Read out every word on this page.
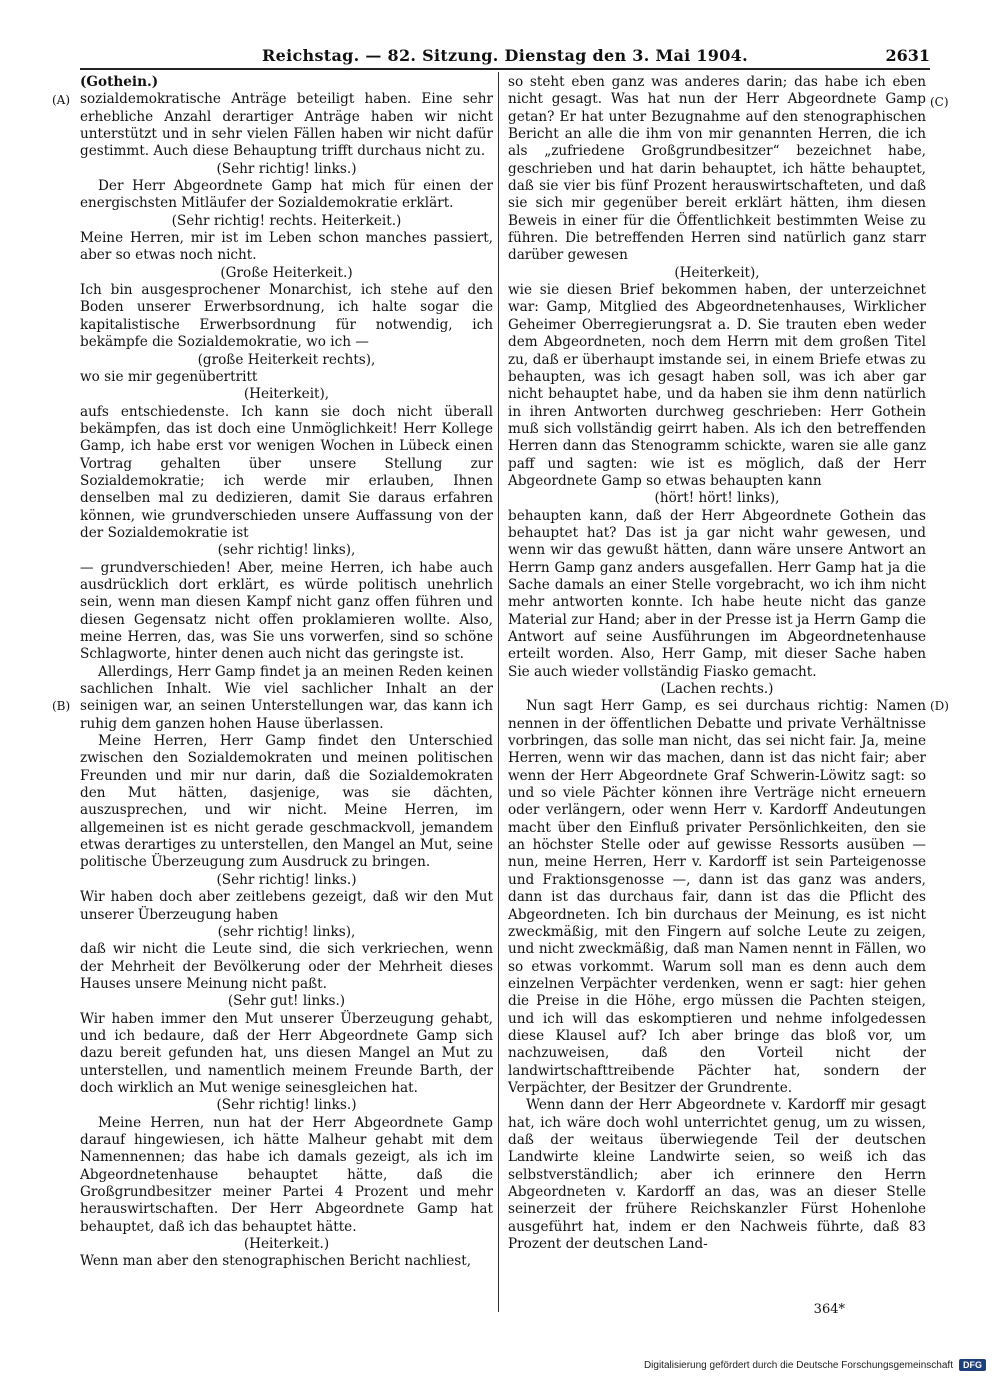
Reichstag. — 82. Sitzung. Dienstag den 3. Mai 1904.	2631
(A)
(B)
(C)
(D)

(Gothein.)

sozialdemokratische Anträge beteiligt haben. Eine sehr erhebliche Anzahl derartiger Anträge haben wir nicht unterstützt und in sehr vielen Fällen haben wir nicht dafür gestimmt. Auch diese Behauptung trifft durchaus nicht zu.

(Sehr richtig! links.)

Der Herr Abgeordnete Gamp hat mich für einen der energischsten Mitläufer der Sozialdemokratie erklärt.

(Sehr richtig! rechts. Heiterkeit.)

Meine Herren, mir ist im Leben schon manches passiert, aber so etwas noch nicht.

(Große Heiterkeit.)

Ich bin ausgesprochener Monarchist, ich stehe auf den Boden unserer Erwerbsordnung, ich halte sogar die kapitalistische Erwerbsordnung für notwendig, ich bekämpfe die Sozialdemokratie, wo ich —

(große Heiterkeit rechts),

wo sie mir gegenübertritt

(Heiterkeit),

aufs entschiedenste. Ich kann sie doch nicht überall bekämpfen, das ist doch eine Unmöglichkeit! Herr Kollege Gamp, ich habe erst vor wenigen Wochen in Lübeck einen Vortrag gehalten über unsere Stellung zur Sozialdemokratie; ich werde mir erlauben, Ihnen denselben mal zu dedizieren, damit Sie daraus erfahren können, wie grundverschieden unsere Auffassung von der der Sozialdemokratie ist

(sehr richtig! links),

— grundverschieden! Aber, meine Herren, ich habe auch ausdrücklich dort erklärt, es würde politisch unehrlich sein, wenn man diesen Kampf nicht ganz offen führen und diesen Gegensatz nicht offen proklamieren wollte. Also, meine Herren, das, was Sie uns vorwerfen, sind so schöne Schlagworte, hinter denen auch nicht das geringste ist.

Allerdings, Herr Gamp findet ja an meinen Reden keinen sachlichen Inhalt. Wie viel sachlicher Inhalt an der seinigen war, an seinen Unterstellungen war, das kann ich ruhig dem ganzen hohen Hause überlassen.

Meine Herren, Herr Gamp findet den Unterschied zwischen den Sozialdemokraten und meinen politischen Freunden und mir nur darin, daß die Sozialdemokraten den Mut hätten, dasjenige, was sie dächten, auszusprechen, und wir nicht. Meine Herren, im allgemeinen ist es nicht gerade geschmackvoll, jemandem etwas derartiges zu unterstellen, den Mangel an Mut, seine politische Überzeugung zum Ausdruck zu bringen.

(Sehr richtig! links.)

Wir haben doch aber zeitlebens gezeigt, daß wir den Mut unserer Überzeugung haben

(sehr richtig! links),

daß wir nicht die Leute sind, die sich verkriechen, wenn der Mehrheit der Bevölkerung oder der Mehrheit dieses Hauses unsere Meinung nicht paßt.

(Sehr gut! links.)

Wir haben immer den Mut unserer Überzeugung gehabt, und ich bedaure, daß der Herr Abgeordnete Gamp sich dazu bereit gefunden hat, uns diesen Mangel an Mut zu unterstellen, und namentlich meinem Freunde Barth, der doch wirklich an Mut wenige seinesgleichen hat.

(Sehr richtig! links.)

Meine Herren, nun hat der Herr Abgeordnete Gamp darauf hingewiesen, ich hätte Malheur gehabt mit dem Namennennen; das habe ich damals gezeigt, als ich im Abgeordnetenhause behauptet hätte, daß die Großgrundbesitzer meiner Partei 4 Prozent und mehr herauswirtschaften. Der Herr Abgeordnete Gamp hat behauptet, daß ich das behauptet hätte.

(Heiterkeit.)

Wenn man aber den stenographischen Bericht nachliest,

so steht eben ganz was anderes darin; das habe ich eben nicht gesagt. Was hat nun der Herr Abgeordnete Gamp getan? Er hat unter Bezugnahme auf den stenographischen Bericht an alle die ihm von mir genannten Herren, die ich als „zufriedene Großgrundbesitzer“ bezeichnet habe, geschrieben und hat darin behauptet, ich hätte behauptet, daß sie vier bis fünf Prozent herauswirtschafteten, und daß sie sich mir gegenüber bereit erklärt hätten, ihm diesen Beweis in einer für die Öffentlichkeit bestimmten Weise zu führen. Die betreffenden Herren sind natürlich ganz starr darüber gewesen

(Heiterkeit),

wie sie diesen Brief bekommen haben, der unterzeichnet war: Gamp, Mitglied des Abgeordnetenhauses, Wirklicher Geheimer Oberregierungsrat a. D. Sie trauten eben weder dem Abgeordneten, noch dem Herrn mit dem großen Titel zu, daß er überhaupt imstande sei, in einem Briefe etwas zu behaupten, was ich gesagt haben soll, was ich aber gar nicht behauptet habe, und da haben sie ihm denn natürlich in ihren Antworten durchweg geschrieben: Herr Gothein muß sich vollständig geirrt haben. Als ich den betreffenden Herren dann das Stenogramm schickte, waren sie alle ganz paff und sagten: wie ist es möglich, daß der Herr Abgeordnete Gamp so etwas behaupten kann

(hört! hört! links),

behaupten kann, daß der Herr Abgeordnete Gothein das behauptet hat? Das ist ja gar nicht wahr gewesen, und wenn wir das gewußt hätten, dann wäre unsere Antwort an Herrn Gamp ganz anders ausgefallen. Herr Gamp hat ja die Sache damals an einer Stelle vorgebracht, wo ich ihm nicht mehr antworten konnte. Ich habe heute nicht das ganze Material zur Hand; aber in der Presse ist ja Herrn Gamp die Antwort auf seine Ausführungen im Abgeordnetenhause erteilt worden. Also, Herr Gamp, mit dieser Sache haben Sie auch wieder vollständig Fiasko gemacht.

(Lachen rechts.)

Nun sagt Herr Gamp, es sei durchaus richtig: Namen nennen in der öffentlichen Debatte und private Verhältnisse vorbringen, das solle man nicht, das sei nicht fair. Ja, meine Herren, wenn wir das machen, dann ist das nicht fair; aber wenn der Herr Abgeordnete Graf Schwerin-Löwitz sagt: so und so viele Pächter können ihre Verträge nicht erneuern oder verlängern, oder wenn Herr v. Kardorff Andeutungen macht über den Einfluß privater Persönlichkeiten, den sie an höchster Stelle oder auf gewisse Ressorts ausüben — nun, meine Herren, Herr v. Kardorff ist sein Parteigenosse und Fraktionsgenosse —, dann ist das ganz was anders, dann ist das durchaus fair, dann ist das die Pflicht des Abgeordneten. Ich bin durchaus der Meinung, es ist nicht zweckmäßig, mit den Fingern auf solche Leute zu zeigen, und nicht zweckmäßig, daß man Namen nennt in Fällen, wo so etwas vorkommt. Warum soll man es denn auch dem einzelnen Verpächter verdenken, wenn er sagt: hier gehen die Preise in die Höhe, ergo müssen die Pachten steigen, und ich will das eskomptieren und nehme infolgedessen diese Klausel auf? Ich aber bringe das bloß vor, um nachzuweisen, daß den Vorteil nicht der landwirtschafttreibende Pächter hat, sondern der Verpächter, der Besitzer der Grundrente.

Wenn dann der Herr Abgeordnete v. Kardorff mir gesagt hat, ich wäre doch wohl unterrichtet genug, um zu wissen, daß der weitaus überwiegende Teil der deutschen Landwirte kleine Landwirte seien, so weiß ich das selbstverständlich; aber ich erinnere den Herrn Abgeordneten v. Kardorff an das, was an dieser Stelle seinerzeit der frühere Reichskanzler Fürst Hohenlohe ausgeführt hat, indem er den Nachweis führte, daß 83 Prozent der deutschen Land-

364*
Digitalisierung gefördert durch die Deutsche Forschungsgemeinschaft	DFG
